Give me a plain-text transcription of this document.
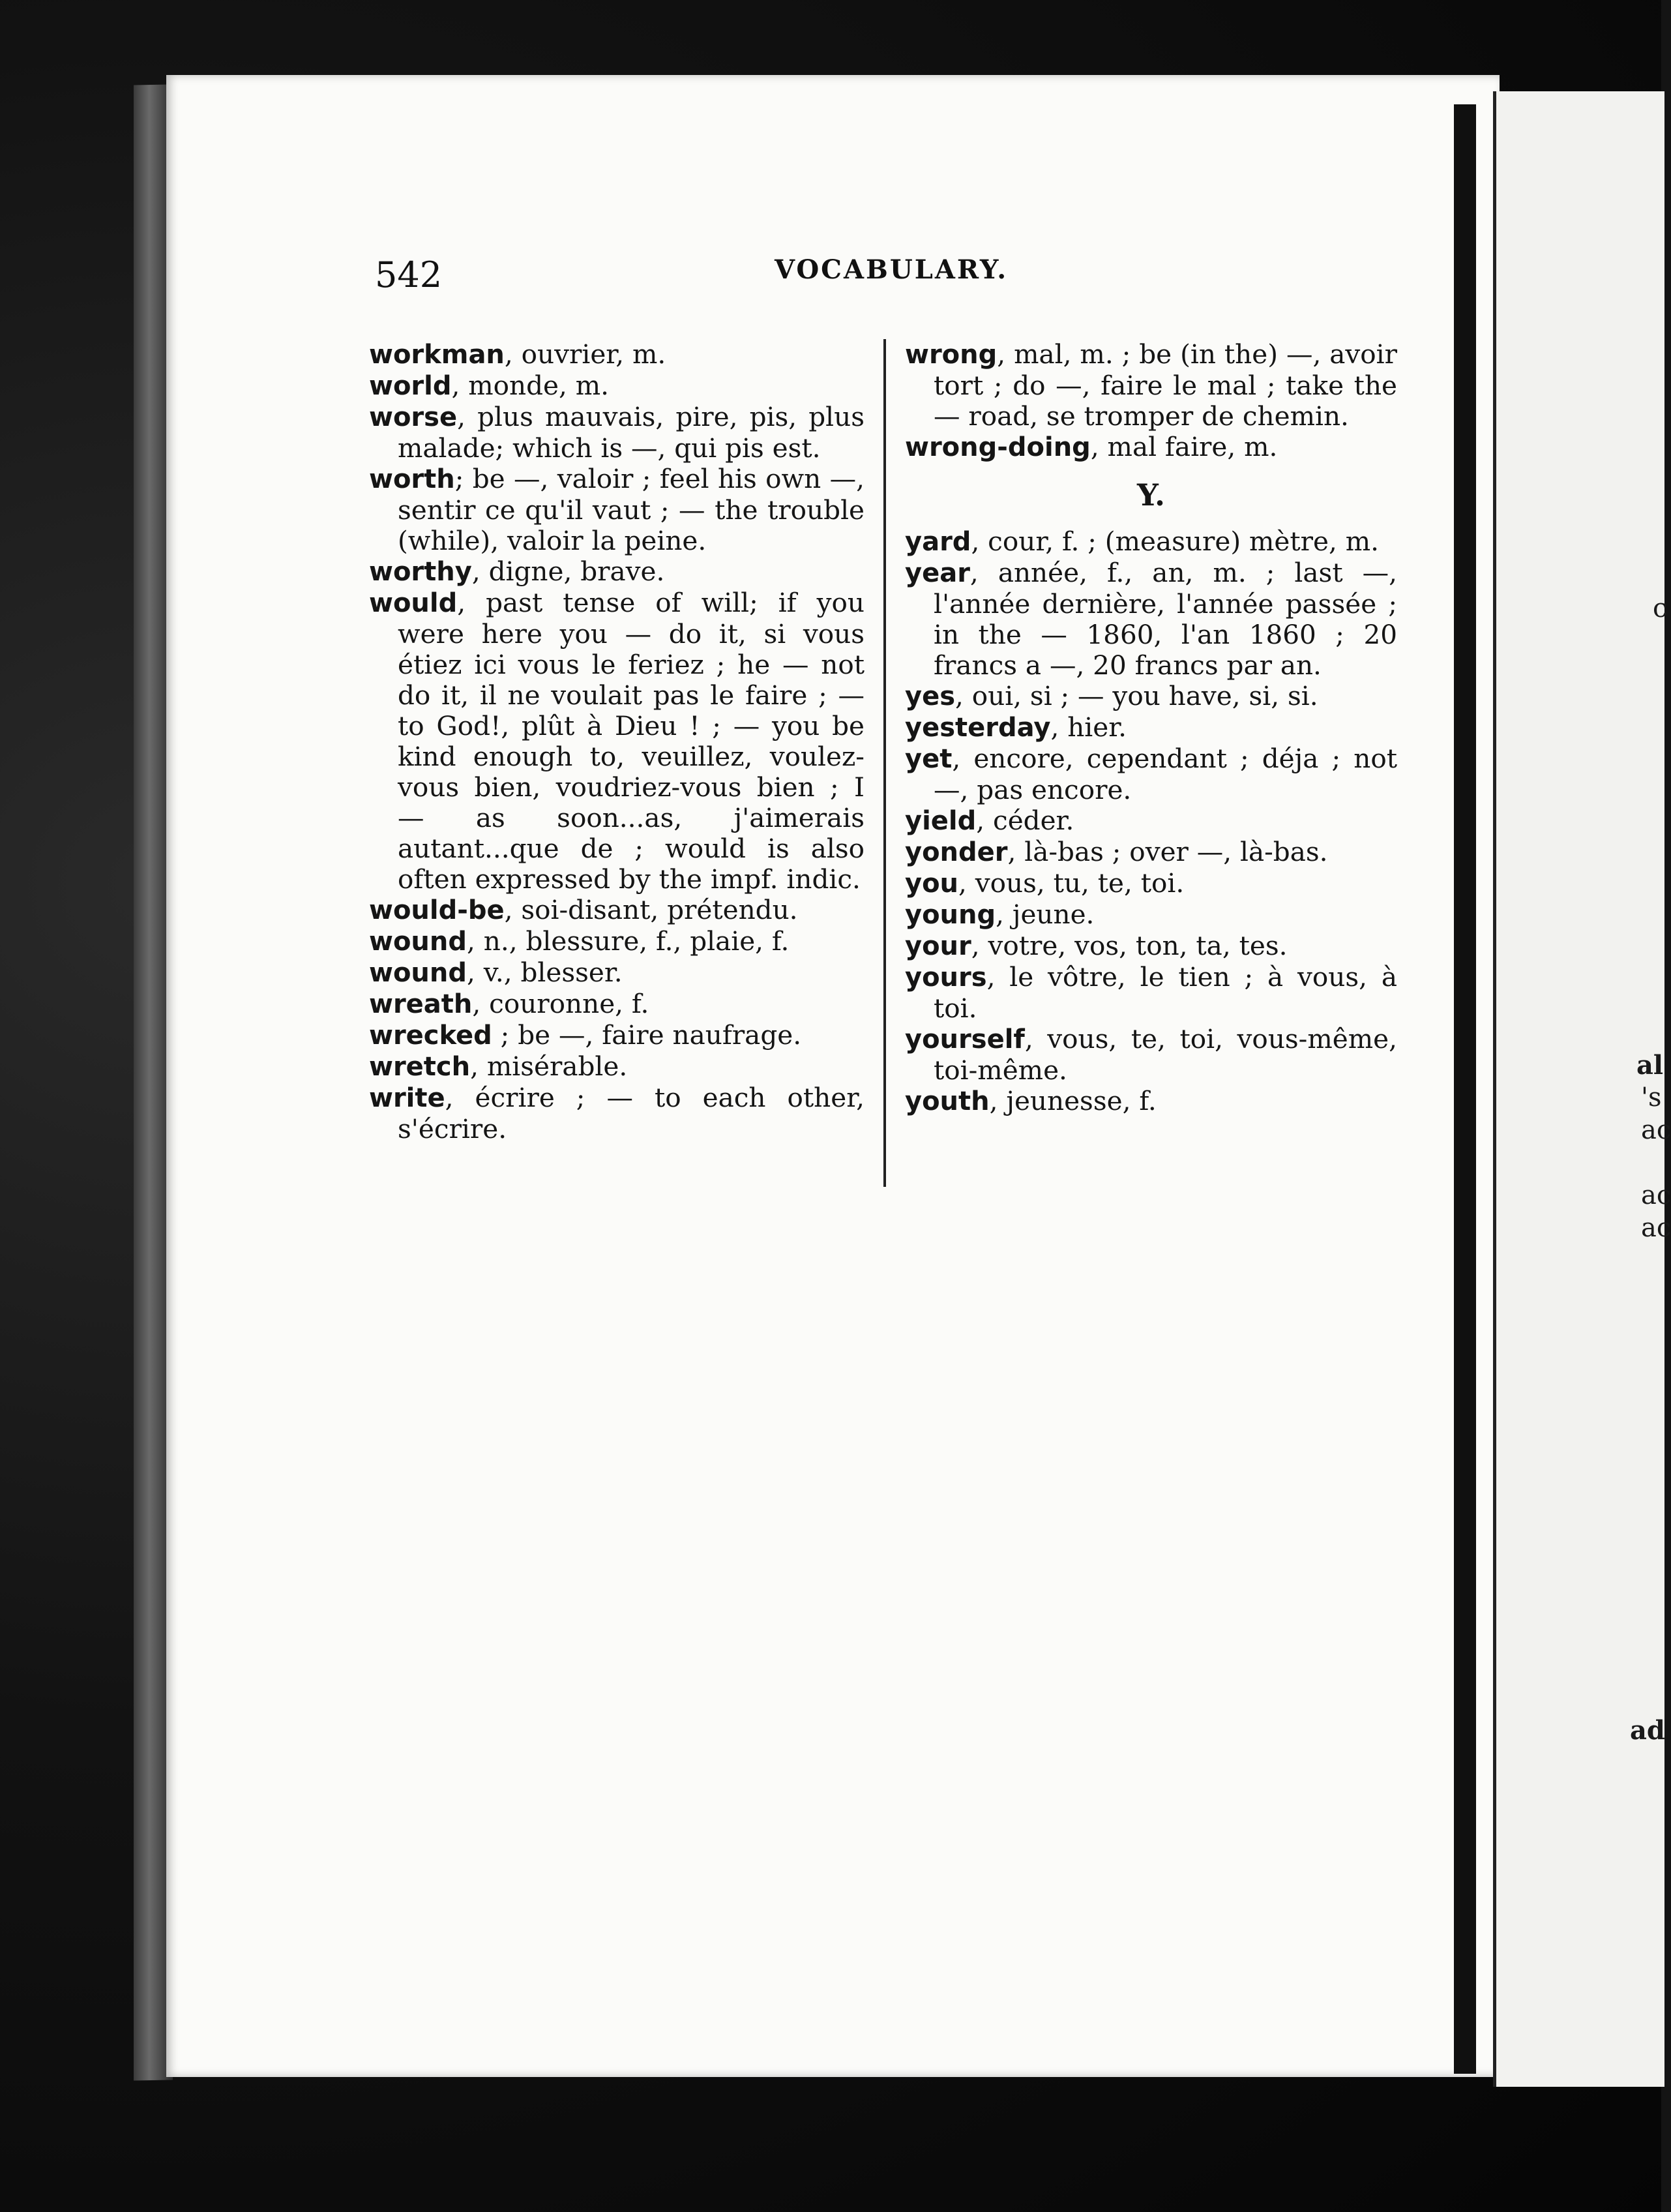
c
al
's
ac
ac
ac
ad
542	VOCABULARY.

workman, ouvrier, m.

world, monde, m.

worse, plus mauvais, pire, pis, plus malade; which is —, qui pis est.

worth; be —, valoir ; feel his own —, sentir ce qu'il vaut ; — the trouble (while), valoir la peine.

worthy, digne, brave.

would, past tense of will; if you were here you — do it, si vous étiez ici vous le feriez ; he — not do it, il ne voulait pas le faire ; — to God!, plût à Dieu ! ; — you be kind enough to, veuillez, voulez-vous bien, voudriez-vous bien ; I — as soon...as, j'aimerais autant...que de ; would is also often expressed by the impf. indic.

would-be, soi-disant, prétendu.

wound, n., blessure, f., plaie, f.

wound, v., blesser.

wreath, couronne, f.

wrecked ; be —, faire naufrage.

wretch, misérable.

write, écrire ; — to each other, s'écrire.

wrong, mal, m. ; be (in the) —, avoir tort ; do —, faire le mal ; take the — road, se tromper de chemin.

wrong-doing, mal faire, m.

Y.

yard, cour, f. ; (measure) mètre, m.

year, année, f., an, m. ; last —, l'année dernière, l'année passée ; in the — 1860, l'an 1860 ; 20 francs a —, 20 francs par an.

yes, oui, si ; — you have, si, si.

yesterday, hier.

yet, encore, cependant ; déja ; not —, pas encore.

yield, céder.

yonder, là-bas ; over —, là-bas.

you, vous, tu, te, toi.

young, jeune.

your, votre, vos, ton, ta, tes.

yours, le vôtre, le tien ; à vous, à toi.

yourself, vous, te, toi, vous-même, toi-même.

youth, jeunesse, f.
